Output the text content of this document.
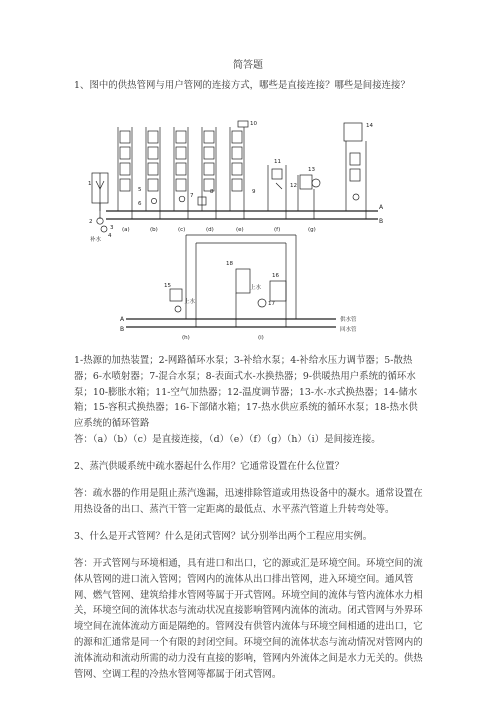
简答题

1、图中的供热管网与用户管网的连接方式，哪些是直接连接？哪些是间接连接？

A
B
1
2
3
补水
4
5
6
7
8	9
10
11
12
13
14
(a)	(b)	(c)	(d)	(e)	(f)	(g)
A
B
供水管
回水管
15
16
17
18
上水
上水
(h)	(i)

1-热源的加热装置；2-网路循环水泵；3-补给水泵；4-补给水压力调节器；5-散热器；6-水喷射器；7-混合水泵；8-表面式水-水换热器；9-供暖热用户系统的循环水泵；10-膨胀水箱；11-空气加热器；12-温度调节器；13-水-水式换热器；14-储水箱；15-容积式换热器；16-下部储水箱；17-热水供应系统的循环水泵；18-热水供应系统的循环管路

答：（a）（b）（c）是直接连接，（d）（e）（f）（g）（h）（i）是间接连接。

2、蒸汽供暖系统中疏水器起什么作用？它通常设置在什么位置？

答：疏水器的作用是阻止蒸汽逸漏，迅速排除管道或用热设备中的凝水。通常设置在用热设备的出口、蒸汽干管一定距离的最低点、水平蒸汽管道上升转弯处等。

3、什么是开式管网？什么是闭式管网？试分别举出两个工程应用实例。

答：开式管网与环境相通，具有进口和出口，它的源或汇是环境空间。环境空间的流体从管网的进口流入管网；管网内的流体从出口排出管网，进入环境空间。通风管网、燃气管网、建筑给排水管网等属于开式管网。环境空间的流体与管内流体水力相关，环境空间的流体状态与流动状况直接影响管网内流体的流动。闭式管网与外界环境空间在流体流动方面是隔绝的。管网没有供管内流体与环境空间相通的进出口，它的源和汇通常是同一个有限的封闭空间。环境空间的流体状态与流动情况对管网内的流体流动和流动所需的动力没有直接的影响，管网内外流体之间是水力无关的。供热管网、空调工程的冷热水管网等都属于闭式管网。
